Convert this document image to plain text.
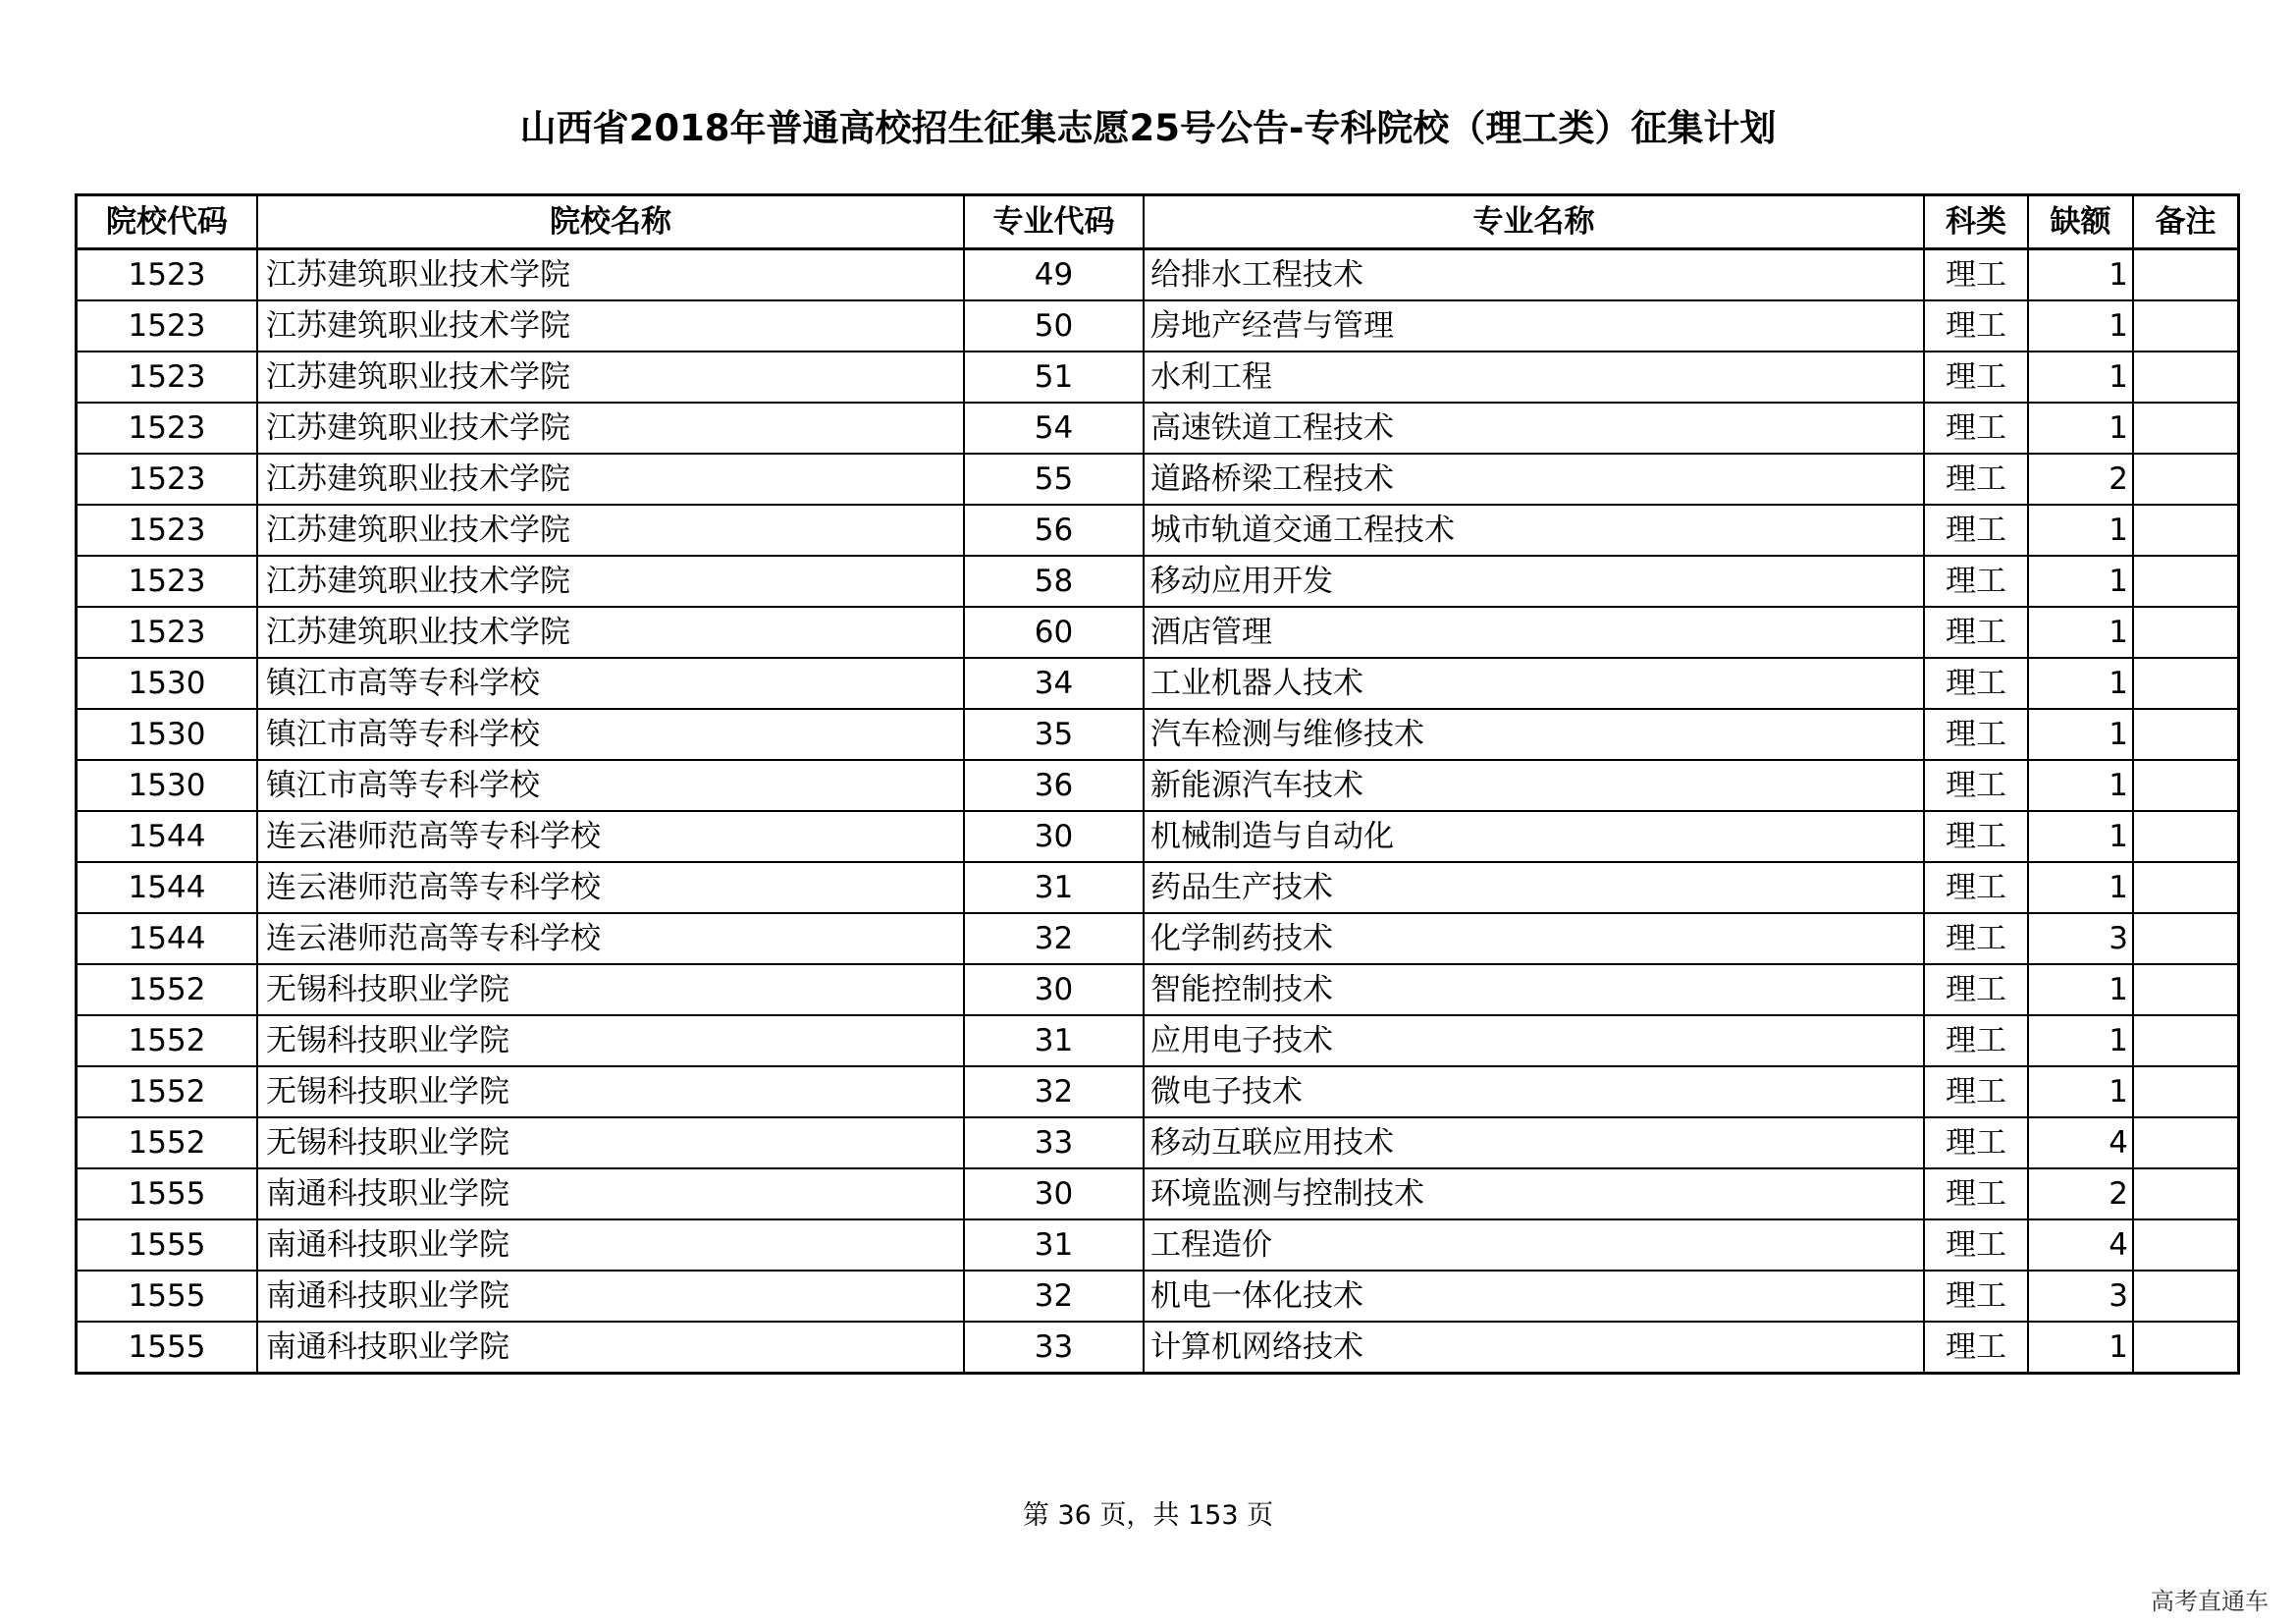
山西省2018年普通高校招生征集志愿25号公告-专科院校（理工类）征集计划
院校代码	院校名称	专业代码	专业名称	科类	缺额	备注
1523	江苏建筑职业技术学院	49	给排水工程技术	理工	1	
1523	江苏建筑职业技术学院	50	房地产经营与管理	理工	1	
1523	江苏建筑职业技术学院	51	水利工程	理工	1	
1523	江苏建筑职业技术学院	54	高速铁道工程技术	理工	1	
1523	江苏建筑职业技术学院	55	道路桥梁工程技术	理工	2	
1523	江苏建筑职业技术学院	56	城市轨道交通工程技术	理工	1	
1523	江苏建筑职业技术学院	58	移动应用开发	理工	1	
1523	江苏建筑职业技术学院	60	酒店管理	理工	1	
1530	镇江市高等专科学校	34	工业机器人技术	理工	1	
1530	镇江市高等专科学校	35	汽车检测与维修技术	理工	1	
1530	镇江市高等专科学校	36	新能源汽车技术	理工	1	
1544	连云港师范高等专科学校	30	机械制造与自动化	理工	1	
1544	连云港师范高等专科学校	31	药品生产技术	理工	1	
1544	连云港师范高等专科学校	32	化学制药技术	理工	3	
1552	无锡科技职业学院	30	智能控制技术	理工	1	
1552	无锡科技职业学院	31	应用电子技术	理工	1	
1552	无锡科技职业学院	32	微电子技术	理工	1	
1552	无锡科技职业学院	33	移动互联应用技术	理工	4	
1555	南通科技职业学院	30	环境监测与控制技术	理工	2	
1555	南通科技职业学院	31	工程造价	理工	4	
1555	南通科技职业学院	32	机电一体化技术	理工	3	
1555	南通科技职业学院	33	计算机网络技术	理工	1	
第 36 页，共 153 页
高考直通车
